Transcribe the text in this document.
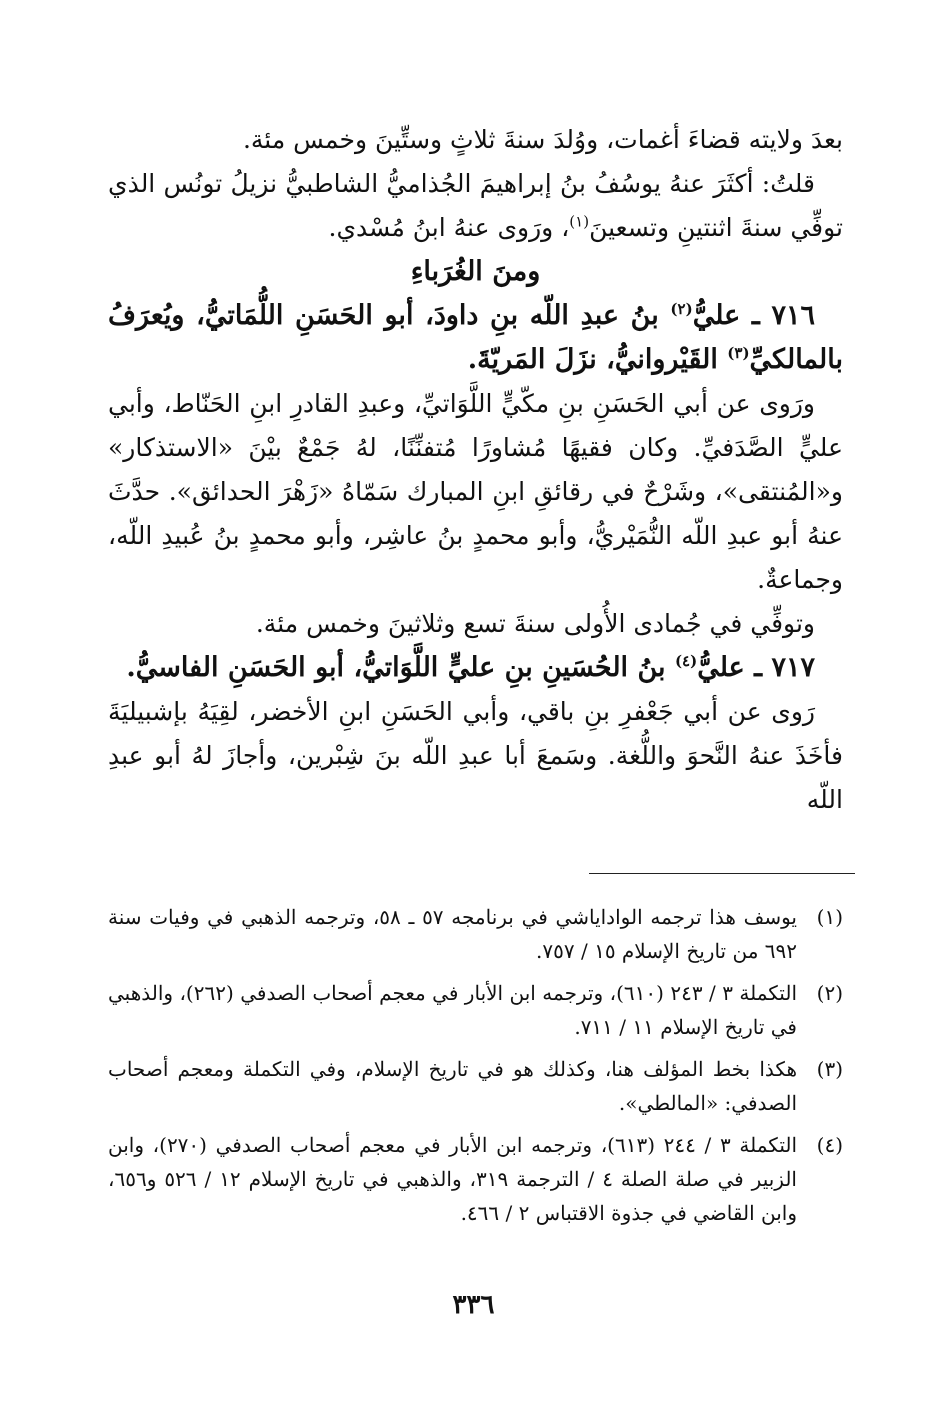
بعدَ ولايته قضاءَ أغمات، ووُلدَ سنةَ ثلاثٍ وستِّينَ وخمس مئة.

قلتُ: أكثَرَ عنهُ يوسُفُ بنُ إبراهيمَ الجُذاميُّ الشاطبيُّ نزيلُ تونُس الذي توفِّي سنةَ اثنتينِ وتسعينَ$^{(١)}$، ورَوى عنهُ ابنُ مُسْدي.

ومنَ الغُرَباءِ

٧١٦ ـ عليُّ$^{(٢)}$ بنُ عبدِ اللّه بنِ داودَ، أبو الحَسَنِ اللُّمَاتيُّ، ويُعرَفُ بالمالكيِّ$^{(٣)}$ القَيْروانيُّ، نزَلَ المَريّةَ.

ورَوى عن أبي الحَسَنِ بنِ مكّيٍّ اللَّوَاتيِّ، وعبدِ القادرِ ابنِ الحَنّاط، وأبي عليٍّ الصَّدَفيِّ. وكان فقيهًا مُشاورًا مُتفنِّنًا، لهُ جَمْعٌ بيْنَ «الاستذكار» و«المُنتقى»، وشَرْحٌ في رقائقِ ابنِ المبارك سَمّاهُ «زَهْرَ الحدائق». حدَّثَ عنهُ أبو عبدِ اللّه النُّمَيْريُّ، وأبو محمدٍ بنُ عاشِر، وأبو محمدٍ بنُ عُبيدِ اللّه، وجماعةٌ.

وتوفِّي في جُمادى الأُولى سنةَ تسع وثلاثينَ وخمس مئة.

٧١٧ ـ عليُّ$^{(٤)}$ بنُ الحُسَينِ بنِ عليٍّ اللَّوَاتيُّ، أبو الحَسَنِ الفاسيُّ.

رَوى عن أبي جَعْفرِ بنِ باقي، وأبي الحَسَنِ ابنِ الأخضر، لقِيَهُ بإشبيليَةَ فأخَذَ عنهُ النَّحوَ واللُّغة. وسَمعَ أبا عبدِ اللّه بنَ شِبْرين، وأجازَ لهُ أبو عبدِ اللّه

(١)
يوسف هذا ترجمه الواداياشي في برنامجه ٥٧ ـ ٥٨، وترجمه الذهبي في وفيات سنة ٦٩٢ من تاريخ الإسلام ١٥ / ٧٥٧.
(٢)
التكملة ٣ / ٢٤٣ (٦١٠)، وترجمه ابن الأبار في معجم أصحاب الصدفي (٢٦٢)، والذهبي في تاريخ الإسلام ١١ / ٧١١.
(٣)
هكذا بخط المؤلف هنا، وكذلك هو في تاريخ الإسلام، وفي التكملة ومعجم أصحاب الصدفي: «المالطي».
(٤)
التكملة ٣ / ٢٤٤ (٦١٣)، وترجمه ابن الأبار في معجم أصحاب الصدفي (٢٧٠)، وابن الزبير في صلة الصلة ٤ / الترجمة ٣١٩، والذهبي في تاريخ الإسلام ١٢ / ٥٢٦ و٦٥٦، وابن القاضي في جذوة الاقتباس ٢ / ٤٦٦.
٣٣٦
